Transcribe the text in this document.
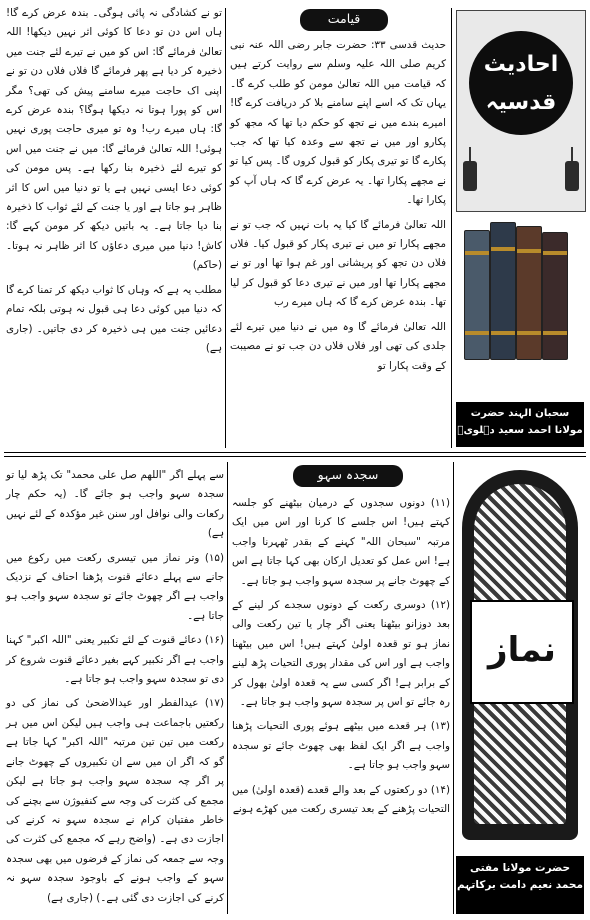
قیامت

حدیث قدسی ۳۳: حضرت جابر رضی اللہ عنہ نبی کریم صلی اللہ علیہ وسلم سے روایت کرتے ہیں کہ قیامت میں اللہ تعالیٰ مومن کو طلب کرے گا۔ یہاں تک کہ اسے اپنے سامنے بلا کر دریافت کرے گا! امیرے بندے میں نے تجھ کو حکم دیا تھا کہ مجھ کو پکارو اور میں نے تجھ سے وعدہ کیا تھا کہ جب پکارے گا تو تیری پکار کو قبول کروں گا۔ پس کیا تو نے مجھے پکارا تھا۔ یہ عرض کرے گا کہ ہاں آپ کو پکارا تھا۔

اللہ تعالیٰ فرمائے گا کیا یہ بات نہیں کہ جب تو نے مجھے پکارا تو میں نے تیری پکار کو قبول کیا۔ فلاں فلاں دن تجھ کو پریشانی اور غم ہوا تھا اور تو نے مجھے پکارا تھا اور میں نے تیری دعا کو قبول کر لیا تھا۔ بندہ عرض کرے گا کہ ہاں میرے رب

اللہ تعالیٰ فرمائے گا وہ میں نے دنیا میں تیرے لئے جلدی کی تھی اور فلاں فلاں دن جب تو نے مصیبت کے وقت پکارا تو

تو نے کشادگی نہ پائی ہوگی۔ بندہ عرض کرے گا! ہاں اس دن تو دعا کا کوئی اثر نہیں دیکھا! اللہ تعالیٰ فرمائے گا: اس کو میں نے تیرے لئے جنت میں ذخیرہ کر دیا ہے پھر فرمائے گا فلاں فلاں دن تو نے اپنی اک حاجت میرے سامنے پیش کی تھی؟ مگر اس کو پورا ہوتا نہ دیکھا ہوگا؟ بندہ عرض کرے گا: ہاں میرے رب! وہ تو میری حاجت پوری نہیں ہوئی! اللہ تعالیٰ فرمائے گا: میں نے جنت میں اس کو تیرے لئے ذخیرہ بنا رکھا ہے۔ پس مومن کی کوئی دعا ایسی نہیں ہے یا تو دنیا میں اس کا اثر ظاہر ہو جاتا ہے اور یا جنت کے لئے ثواب کا ذخیرہ بنا دیا جاتا ہے۔ یہ باتیں دیکھ کر مومن کہے گا: کاش! دنیا میں میری دعاؤں کا اثر ظاہر نہ ہوتا۔ (حاکم)

مطلب یہ ہے کہ وہاں کا ثواب دیکھ کر تمنا کرے گا کہ دنیا میں کوئی دعا ہی قبول نہ ہوتی بلکہ تمام دعائیں جنت میں ہی ذخیرہ کر دی جاتیں۔ (جاری ہے)

احادیث
قدسیہ
سحبان الہند حضرت
مولانا احمد سعید دہلویؒ
سجدہ سہو

(۱۱) دونوں سجدوں کے درمیان بیٹھنے کو جلسہ کہتے ہیں! اس جلسے کا کرنا اور اس میں ایک مرتبہ "سبحان اللہ" کہنے کے بقدر ٹھہرنا واجب ہے! اس عمل کو تعدیل ارکان بھی کہا جاتا ہے اس کے چھوٹ جانے پر سجدہ سہو واجب ہو جاتا ہے۔

(۱۲) دوسری رکعت کے دونوں سجدے کر لینے کے بعد دوزانو بیٹھنا یعنی اگر چار یا تین رکعت والی نماز ہو تو قعدہ اولیٰ کہتے ہیں! اس میں بیٹھنا واجب ہے اور اس کی مقدار پوری التحیات پڑھ لینے کے برابر ہے! اگر کسی سے یہ قعدہ اولیٰ بھول کر رہ جائے تو اس پر سجدہ سہو واجب ہو جاتا ہے۔

(۱۳) ہر قعدے میں بیٹھے ہوئے پوری التحیات پڑھنا واجب ہے اگر ایک لفظ بھی چھوٹ جائے تو سجدہ سہو واجب ہو جاتا ہے۔

(۱۴) دو رکعتوں کے بعد والے قعدے (قعدہ اولیٰ) میں التحیات پڑھنے کے بعد تیسری رکعت میں کھڑے ہونے

سے پہلے اگر "اللھم صل علی محمد" تک پڑھ لیا تو سجدہ سہو واجب ہو جائے گا۔ (یہ حکم چار رکعات والی نوافل اور سنن غیر مؤکدہ کے لئے نہیں ہے)

(۱۵) وتر نماز میں تیسری رکعت میں رکوع میں جانے سے پہلے دعائے قنوت پڑھنا احناف کے نزدیک واجب ہے اگر چھوٹ جائے تو سجدہ سہو واجب ہو جاتا ہے۔

(۱۶) دعائے قنوت کے لئے تکبیر یعنی "اللہ اکبر" کہنا واجب ہے اگر تکبیر کہے بغیر دعائے قنوت شروع کر دی تو سجدہ سہو واجب ہو جاتا ہے۔

(۱۷) عیدالفطر اور عیدالاضحیٰ کی نماز کی دو رکعتیں باجماعت ہی واجب ہیں لیکن اس میں ہر رکعت میں تین تین مرتبہ "اللہ اکبر" کہا جاتا ہے گو کہ اگر ان میں سے ان تکبیروں کے چھوٹ جانے پر اگر چہ سجدہ سہو واجب ہو جاتا ہے لیکن مجمع کی کثرت کی وجہ سے کنفیوژن سے بچنے کی خاطر مفتیان کرام نے سجدہ سہو نہ کرنے کی اجازت دی ہے۔ (واضح رہے کہ مجمع کی کثرت کی وجہ سے جمعہ کی نماز کے فرضوں میں بھی سجدہ سہو کے واجب ہونے کے باوجود سجدہ سہو نہ کرنے کی اجازت دی گئی ہے۔) (جاری ہے)

نماز
حضرت مولانا مفتی
محمد نعیم دامت برکاتہم
